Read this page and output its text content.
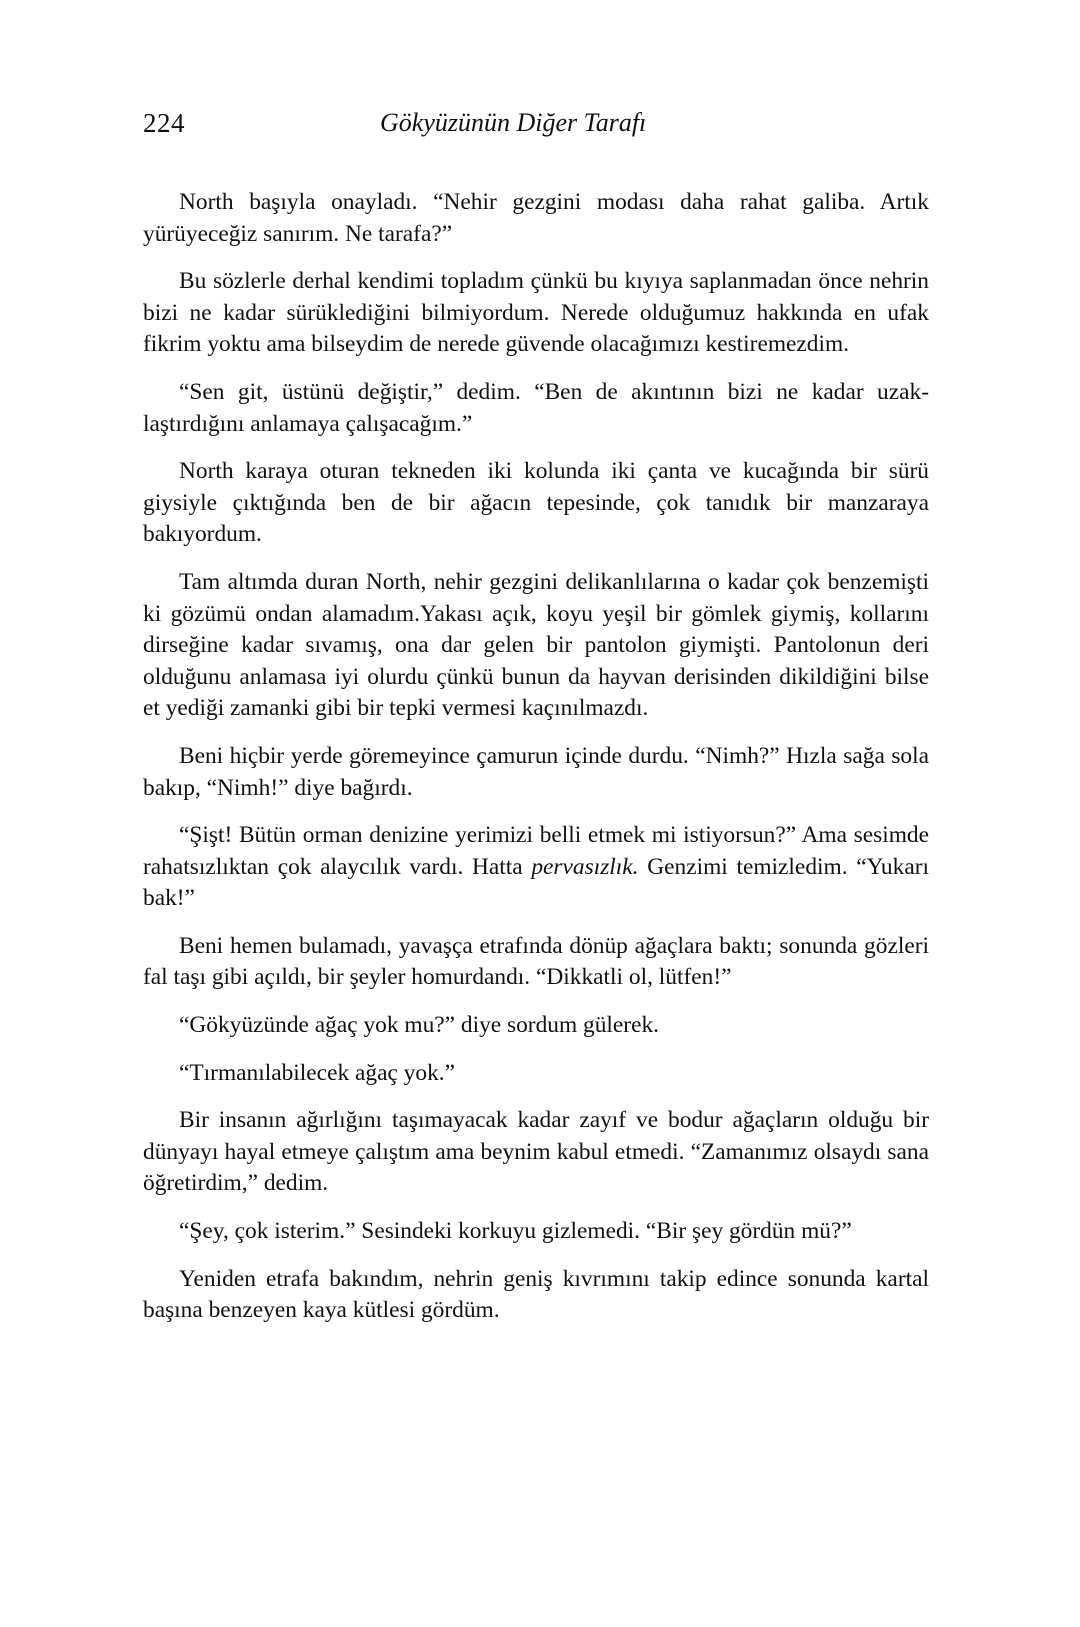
224	Gökyüzünün Diğer Tarafı

North başıyla onayladı. “Nehir gezgini modası daha rahat galiba. Artık yürüyeceğiz sanırım. Ne tarafa?”

Bu sözlerle derhal kendimi topladım çünkü bu kıyıya saplanmadan önce nehrin bizi ne kadar sürüklediğini bilmiyordum. Nerede olduğumuz hakkında en ufak fikrim yoktu ama bilseydim de nerede güvende olacağımızı kestiremezdim.

“Sen git, üstünü değiştir,” dedim. “Ben de akıntının bizi ne kadar uzaklaştırdığını anlamaya çalışacağım.”

North karaya oturan tekneden iki kolunda iki çanta ve kucağında bir sürü giysiyle çıktığında ben de bir ağacın tepesinde, çok tanıdık bir manzaraya bakıyordum.

Tam altımda duran North, nehir gezgini delikanlılarına o kadar çok benzemişti ki gözümü ondan alamadım.Yakası açık, koyu yeşil bir gömlek giymiş, kollarını dirseğine kadar sıvamış, ona dar gelen bir pantolon giymişti. Pantolonun deri olduğunu anlamasa iyi olurdu çünkü bunun da hayvan derisinden dikildiğini bilse et yediği zamanki gibi bir tepki vermesi kaçınılmazdı.

Beni hiçbir yerde göremeyince çamurun içinde durdu. “Nimh?” Hızla sağa sola bakıp, “Nimh!” diye bağırdı.

“Şişt! Bütün orman denizine yerimizi belli etmek mi istiyorsun?” Ama sesimde rahatsızlıktan çok alaycılık vardı. Hatta pervasızlık. Genzimi temizledim. “Yukarı bak!”

Beni hemen bulamadı, yavaşça etrafında dönüp ağaçlara baktı; sonunda gözleri fal taşı gibi açıldı, bir şeyler homurdandı. “Dikkatli ol, lütfen!”

“Gökyüzünde ağaç yok mu?” diye sordum gülerek.

“Tırmanılabilecek ağaç yok.”

Bir insanın ağırlığını taşımayacak kadar zayıf ve bodur ağaçların olduğu bir dünyayı hayal etmeye çalıştım ama beynim kabul etmedi. “Zamanımız olsaydı sana öğretirdim,” dedim.

“Şey, çok isterim.” Sesindeki korkuyu gizlemedi. “Bir şey gördün mü?”

Yeniden etrafa bakındım, nehrin geniş kıvrımını takip edince sonunda kartal başına benzeyen kaya kütlesi gördüm.
